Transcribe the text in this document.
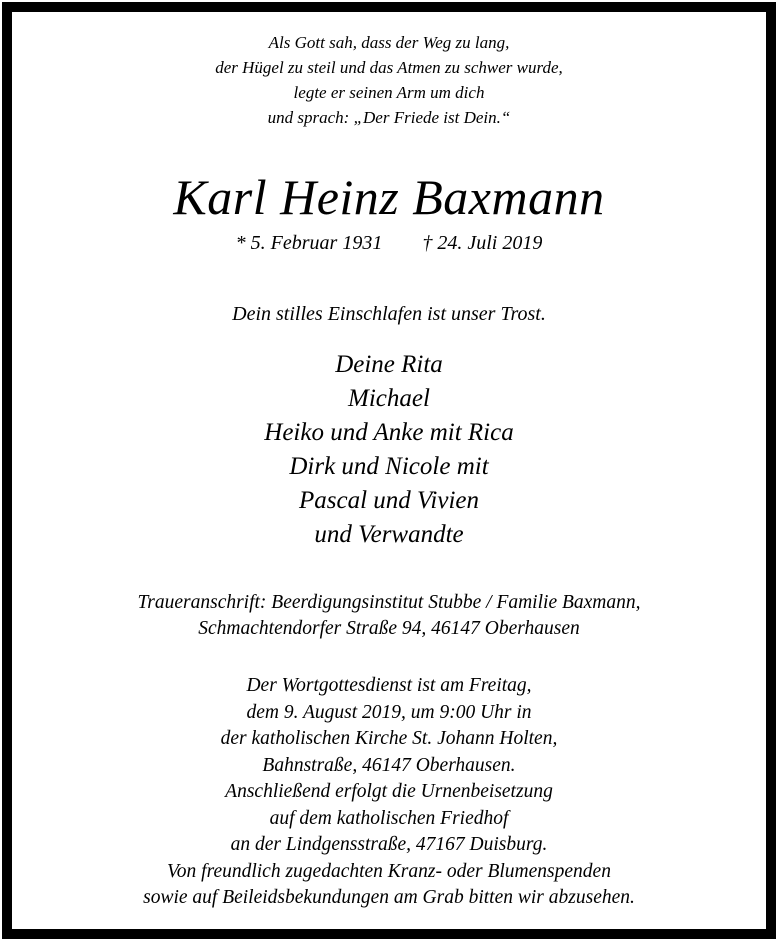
Als Gott sah, dass der Weg zu lang,
der Hügel zu steil und das Atmen zu schwer wurde,
legte er seinen Arm um dich
und sprach: „Der Friede ist Dein.“
Karl Heinz Baxmann
* 5. Februar 1931 † 24. Juli 2019
Dein stilles Einschlafen ist unser Trost.
Deine Rita
Michael
Heiko und Anke mit Rica
Dirk und Nicole mit
Pascal und Vivien
und Verwandte
Traueranschrift: Beerdigungsinstitut Stubbe / Familie Baxmann,
Schmachtendorfer Straße 94, 46147 Oberhausen
Der Wortgottesdienst ist am Freitag,
dem 9. August 2019, um 9:00 Uhr in
der katholischen Kirche St. Johann Holten,
Bahnstraße, 46147 Oberhausen.
Anschließend erfolgt die Urnenbeisetzung
auf dem katholischen Friedhof
an der Lindgensstraße, 47167 Duisburg.
Von freundlich zugedachten Kranz- oder Blumenspenden
sowie auf Beileidsbekundungen am Grab bitten wir abzusehen.
